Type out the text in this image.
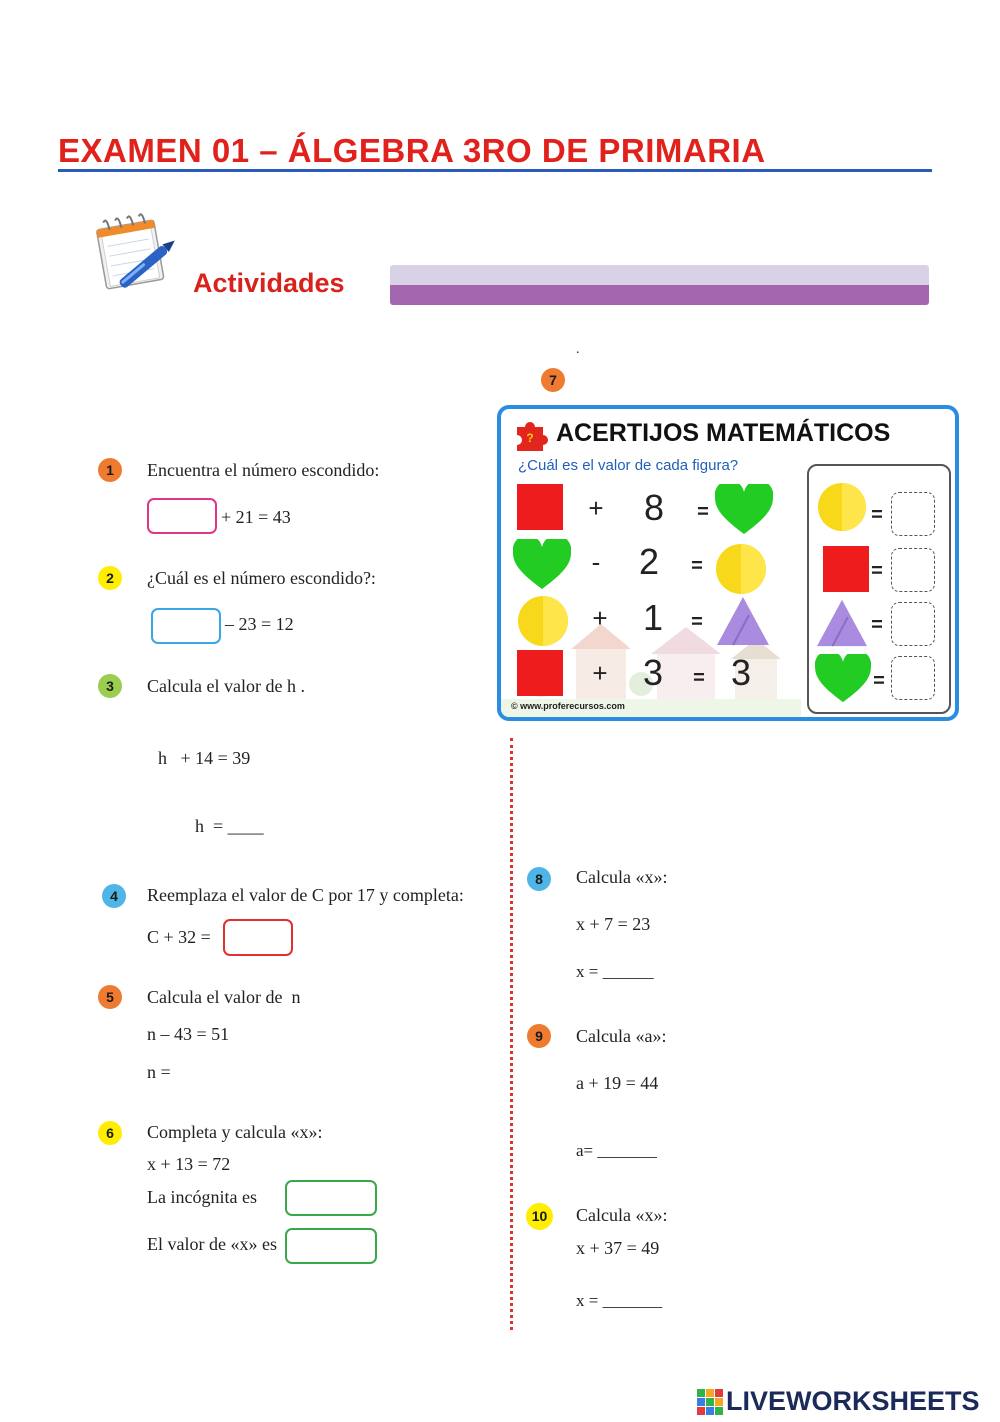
EXAMEN 01 – ÁLGEBRA 3RO DE PRIMARIA
Actividades
.
1	Encuentra el número escondido:
+ 21 = 43
2	¿Cuál es el número escondido?:
– 23 = 12
3	Calcula el valor de h .
h   + 14 = 39
h  = ____
4	Reemplaza el valor de C por 17 y completa:
C + 32 =
5	Calcula el valor de  n
n – 43 = 51
n =
6	Completa y calcula «x»:
x + 13 = 72
La incógnita es
El valor de «x» es
7
? ACERTIJOS MATEMÁTICOS
¿Cuál es el valor de cada figura?
+ 8	=
- 2	=
+ 1	=
+ 3	= 3
=
=
=
=
© www.proferecursos.com
8	Calcula «x»:
x + 7 = 23
x = ______
9	Calcula «a»:
a + 19 = 44
a= _______
10	Calcula «x»:
x + 37 = 49
x = _______
LIVEWORKSHEETS
